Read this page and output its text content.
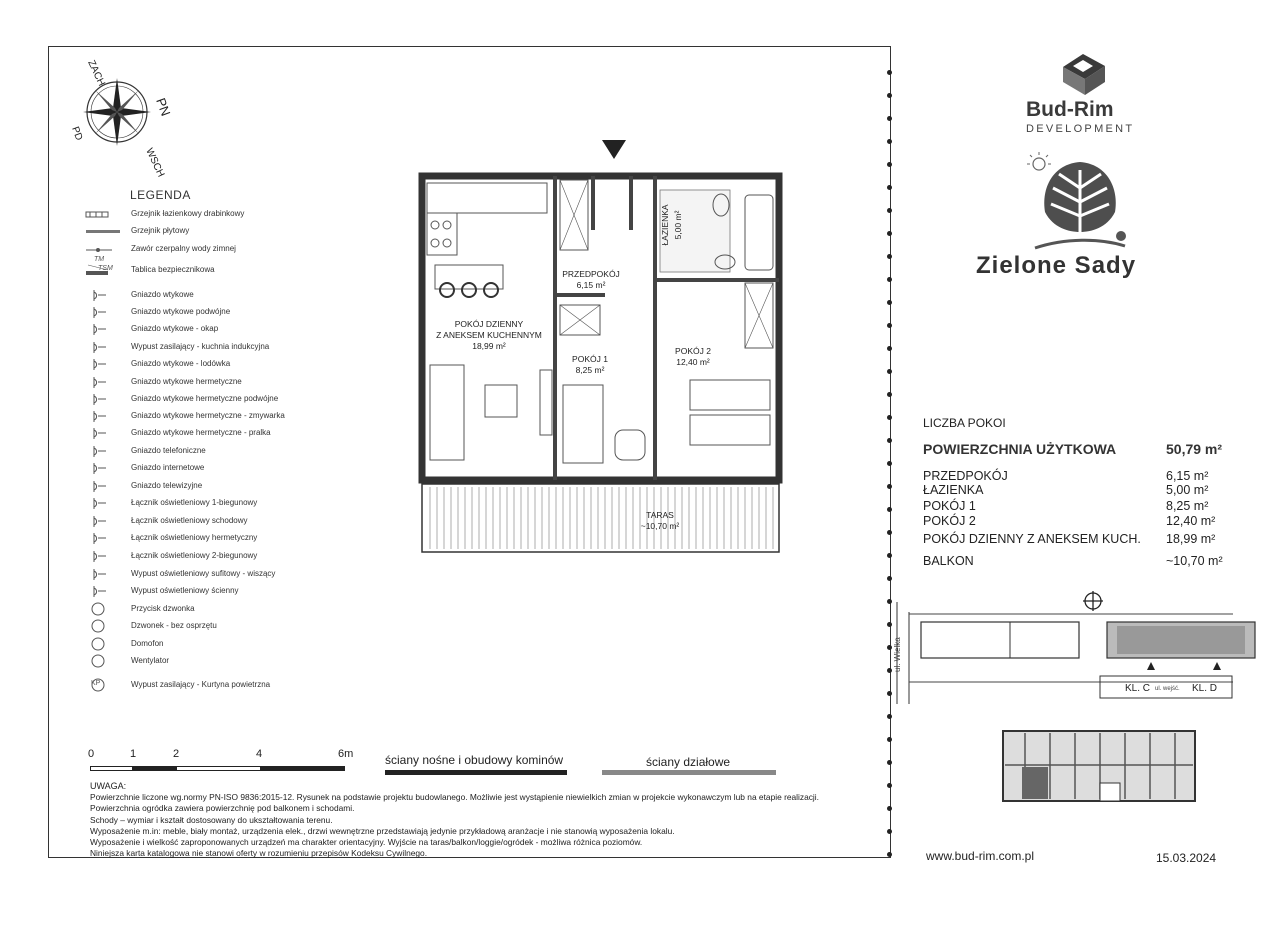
PN
PD
ZACH
WSCH
LEGENDA
Grzejnik łazienkowy drabinkowy
Grzejnik płytowy
Zawór czerpalny wody zimnej
Tablica bezpiecznikowa
TM
TSM
Gniazdo wtykowe
Gniazdo wtykowe podwójne
Gniazdo wtykowe - okap
Wypust zasilający - kuchnia indukcyjna
Gniazdo wtykowe - lodówka
Gniazdo wtykowe hermetyczne
Gniazdo wtykowe hermetyczne podwójne
Gniazdo wtykowe hermetyczne - zmywarka
Gniazdo wtykowe hermetyczne - pralka
Gniazdo telefoniczne
Gniazdo internetowe
Gniazdo telewizyjne
Łącznik oświetleniowy 1-biegunowy
Łącznik oświetleniowy schodowy
Łącznik oświetleniowy hermetyczny
Łącznik oświetleniowy 2-biegunowy
Wypust oświetleniowy sufitowy - wiszący
Wypust oświetleniowy ścienny
Przycisk dzwonka
Dzwonek - bez osprzętu
Domofon
Wentylator
Wypust zasilający - Kurtyna powietrzna
KP
PRZEDPOKÓJ
6,15 m²
ŁAZIENKA 5,00 m²
POKÓJ DZIENNY
Z ANEKSEM KUCHENNYM
18,99 m²
POKÓJ 1
8,25 m²
POKÓJ 2
12,40 m²
TARAS
~10,70 m²
0	1	2	4	6m	ściany nośne i obudowy kominów	ściany działowe
UWAGA:
Powierzchnie liczone wg.normy PN-ISO 9836:2015-12. Rysunek na podstawie projektu budowlanego. Możliwie jest wystąpienie niewielkich zmian w projekcie wykonawczym lub na etapie realizacji.
Powierzchnia ogródka zawiera powierzchnię pod balkonem i schodami.
Schody – wymiar i kształt dostosowany do ukształtowania terenu.
Wyposażenie m.in: meble, biały montaż, urządzenia elek., drzwi wewnętrzne przedstawiają jedynie przykładową aranżacje i nie stanowią wyposażenia lokalu.
Wyposażenie i wielkość zaproponowanych urządzeń ma charakter orientacyjny. Wyjście na taras/balkon/loggie/ogródek - możliwa różnica poziomów.
Niniejsza karta katalogowa nie stanowi oferty w rozumieniu przepisów Kodeksu Cywilnego.
Bud-Rim
DEVELOPMENT
Zielone Sady
LICZBA POKOI
POWIERZCHNIA UŻYTKOWA	50,79 m²
PRZEDPOKÓJ	6,15 m²
ŁAZIENKA	5,00 m²
POKÓJ 1	8,25 m²
POKÓJ 2	12,40 m²
POKÓJ DZIENNY Z ANEKSEM KUCH. 18,99 m²
BALKON	~10,70 m²
ul. Wielka
KL. C ul. wejść. KL. D
www.bud-rim.com.pl	15.03.2024
